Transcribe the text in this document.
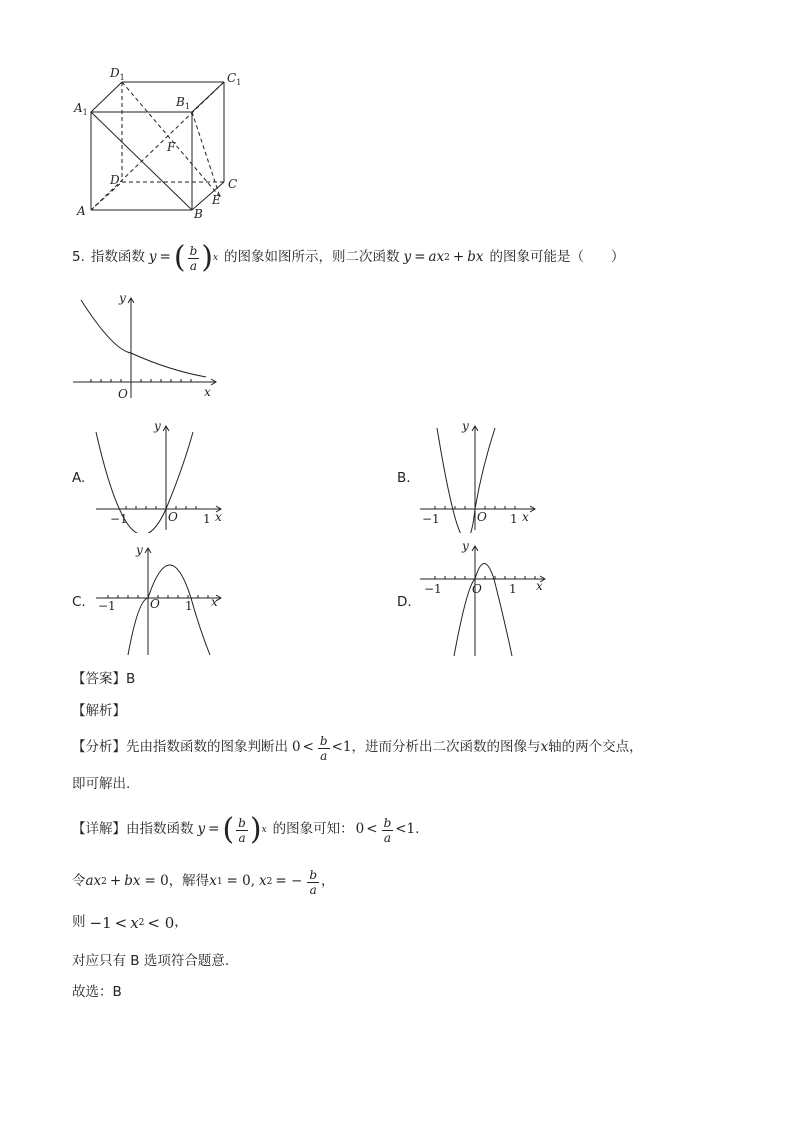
$D_1$	$C_1$
$B_1$
$A_1$
F
D	C
A	B
E
5. 指数函数 y = ( $\frac{b}{a}$ ) x 的图象如图所示，则二次函数 y = ax 2 + bx 的图象可能是（　　）
y
O	x
A.
y
x
O
−1	1
B.
y
x
O
−1	1
C.
y
x
O
−1	1	D.
y
x
O
−1	1
【答案】B
【解析】
【分析】 先由指数函数的图象判断出 $0 < \frac{b}{a} <1$ ，进而分析出二次函数的图像与 x 轴的两个交点，
即可解出.
【详解】 由指数函数 y = ( $\frac{b}{a}$ ) x 的图象可知： $0 < \frac{b}{a} <1$ .
令 ax 2 + bx = 0 ，解得 x 1 = 0, x 2 = − $\frac{b}{a}$ ，
则 −1 < x 2 < 0 ，
对应只有 B 选项符合题意.
故选：B
